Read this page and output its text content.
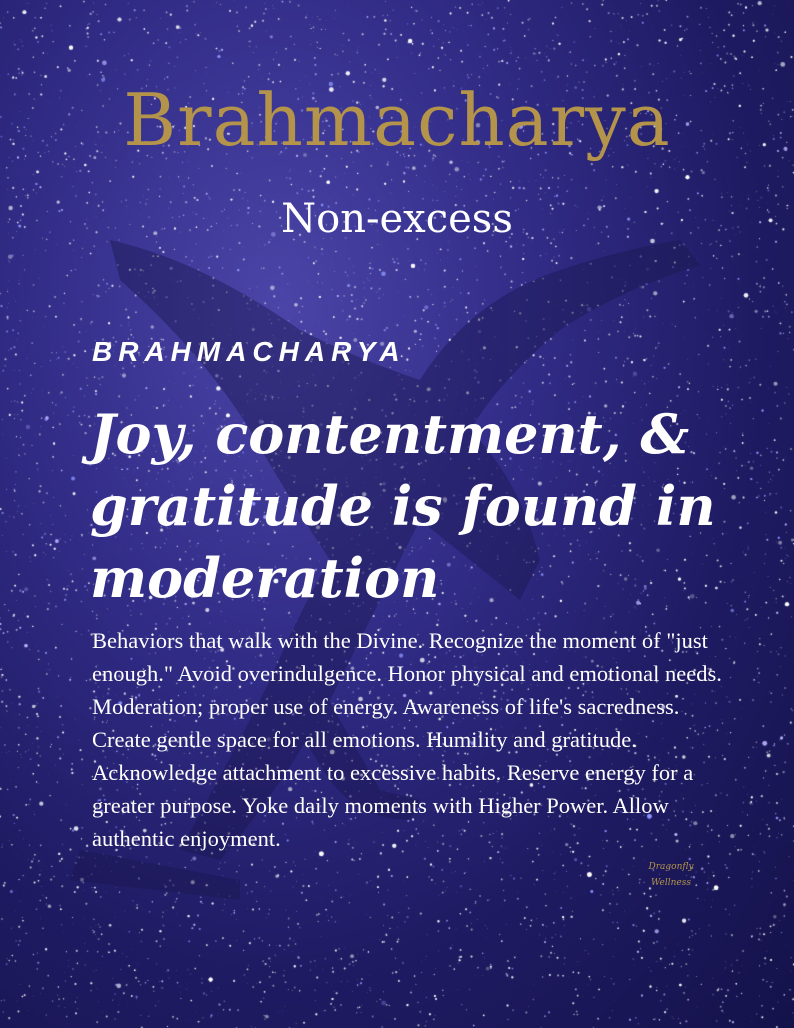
Brahmacharya
Non-excess
BRAHMACHARYA
Joy, contentment, & gratitude is found in moderation

Behaviors that walk with the Divine. Recognize the moment of "just enough." Avoid overindulgence. Honor physical and emotional needs. Moderation; proper use of energy. Awareness of life's sacredness. Create gentle space for all emotions. Humility and gratitude. Acknowledge attachment to excessive habits. Reserve energy for a greater purpose. Yoke daily moments with Higher Power. Allow authentic enjoyment.

Dragonfly
Wellness
